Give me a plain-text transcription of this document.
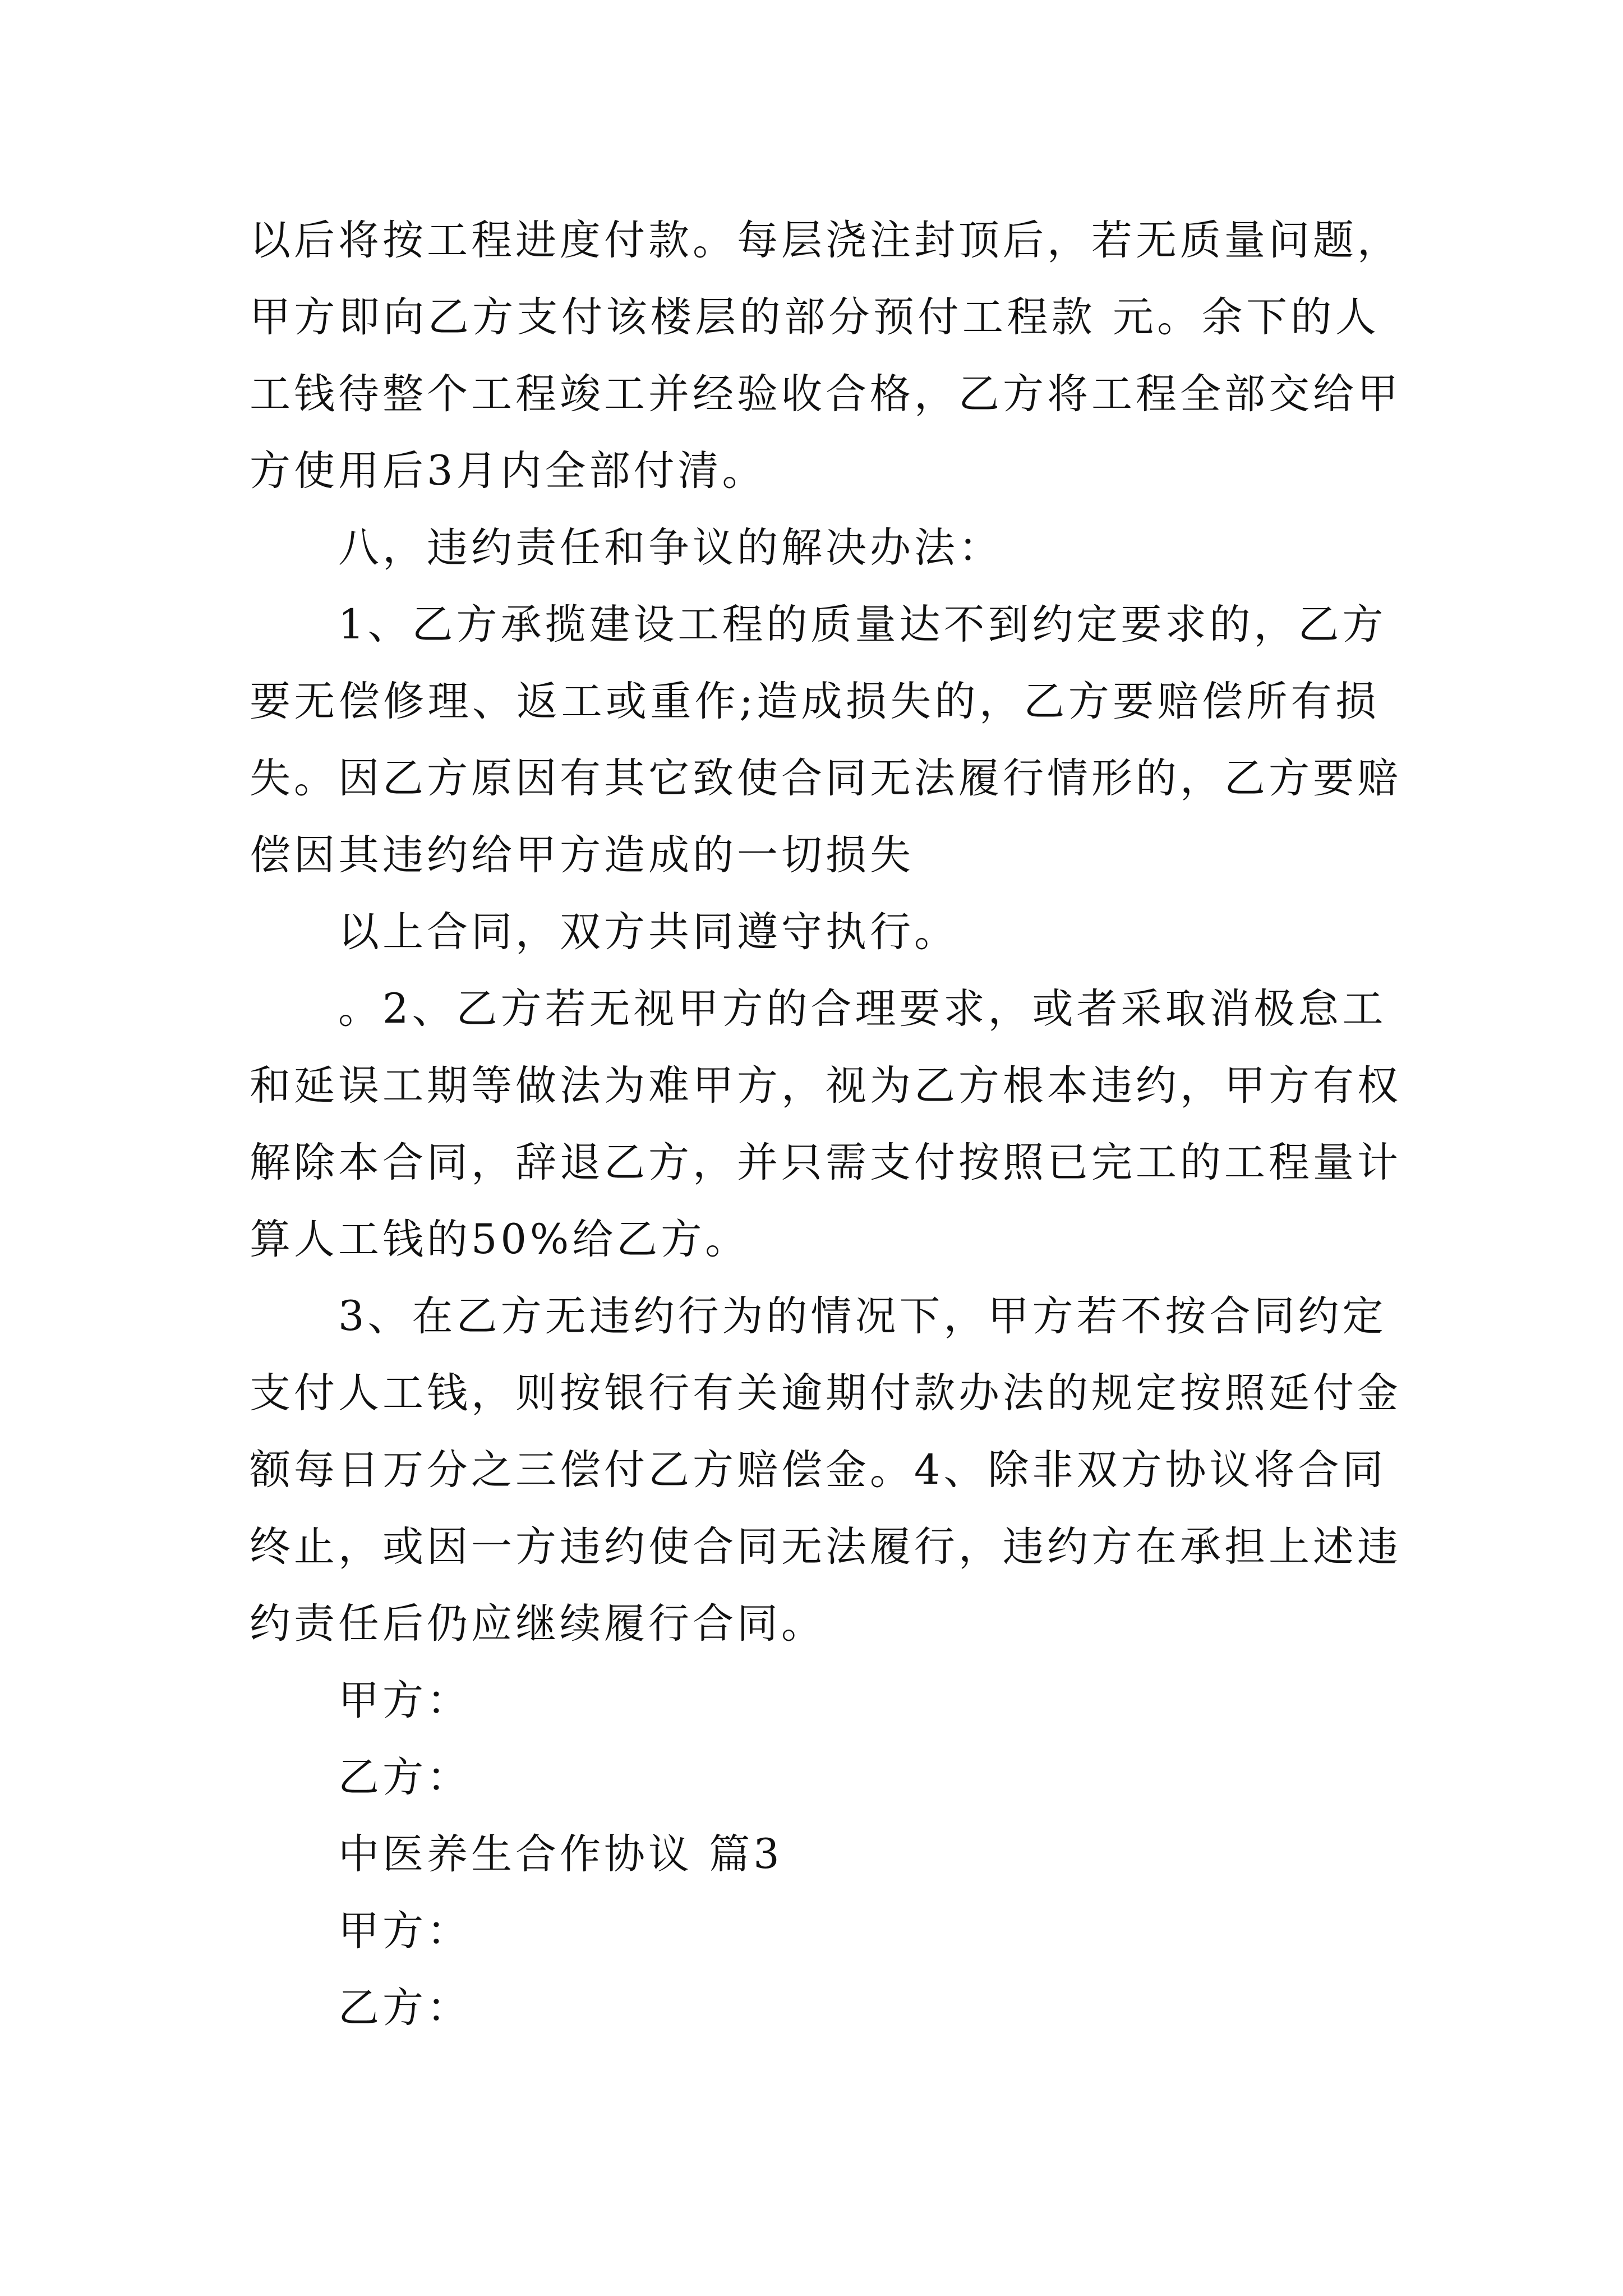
以后将按工程进度付款。每层浇注封顶后，若无质量问题，
甲方即向乙方支付该楼层的部分预付工程款 元。余下的人
工钱待整个工程竣工并经验收合格，乙方将工程全部交给甲
方使用后3月内全部付清。
八，违约责任和争议的解决办法：
1、乙方承揽建设工程的质量达不到约定要求的，乙方
要无偿修理、返工或重作;造成损失的，乙方要赔偿所有损
失。因乙方原因有其它致使合同无法履行情形的，乙方要赔
偿因其违约给甲方造成的一切损失
以上合同，双方共同遵守执行。
。2、乙方若无视甲方的合理要求，或者采取消极怠工
和延误工期等做法为难甲方，视为乙方根本违约，甲方有权
解除本合同，辞退乙方，并只需支付按照已完工的工程量计
算人工钱的50%给乙方。
3、在乙方无违约行为的情况下，甲方若不按合同约定
支付人工钱，则按银行有关逾期付款办法的规定按照延付金
额每日万分之三偿付乙方赔偿金。4、除非双方协议将合同
终止，或因一方违约使合同无法履行，违约方在承担上述违
约责任后仍应继续履行合同。
甲方：
乙方：
中医养生合作协议 篇3
甲方：
乙方：
